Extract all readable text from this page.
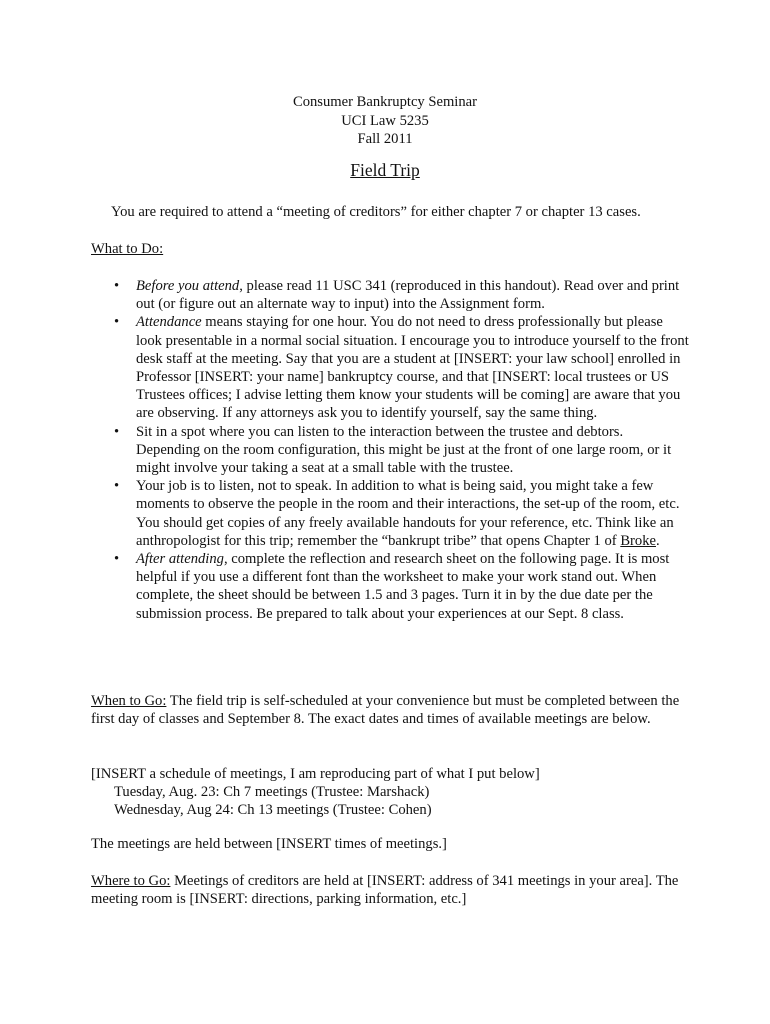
Consumer Bankruptcy Seminar
UCI Law 5235
Fall 2011
Field Trip
You are required to attend a “meeting of creditors” for either chapter 7 or chapter 13 cases.
What to Do:
• Before you attend, please read 11 USC 341 (reproduced in this handout). Read over and print out (or figure out an alternate way to input) into the Assignment form.
• Attendance means staying for one hour. You do not need to dress professionally but please look presentable in a normal social situation. I encourage you to introduce yourself to the front desk staff at the meeting. Say that you are a student at [INSERT: your law school] enrolled in Professor [INSERT: your name] bankruptcy course, and that [INSERT: local trustees or US Trustees offices; I advise letting them know your students will be coming] are aware that you are observing. If any attorneys ask you to identify yourself, say the same thing.
• Sit in a spot where you can listen to the interaction between the trustee and debtors. Depending on the room configuration, this might be just at the front of one large room, or it might involve your taking a seat at a small table with the trustee.
• Your job is to listen, not to speak. In addition to what is being said, you might take a few moments to observe the people in the room and their interactions, the set-up of the room, etc. You should get copies of any freely available handouts for your reference, etc. Think like an anthropologist for this trip; remember the “bankrupt tribe” that opens Chapter 1 of Broke.
• After attending, complete the reflection and research sheet on the following page. It is most helpful if you use a different font than the worksheet to make your work stand out. When complete, the sheet should be between 1.5 and 3 pages. Turn it in by the due date per the submission process. Be prepared to talk about your experiences at our Sept. 8 class.
When to Go: The field trip is self-scheduled at your convenience but must be completed between the first day of classes and September 8. The exact dates and times of available meetings are below.
[INSERT a schedule of meetings, I am reproducing part of what I put below]
Tuesday, Aug. 23: Ch 7 meetings (Trustee: Marshack)
Wednesday, Aug 24: Ch 13 meetings (Trustee: Cohen)
The meetings are held between [INSERT times of meetings.]
Where to Go: Meetings of creditors are held at [INSERT: address of 341 meetings in your area]. The meeting room is [INSERT: directions, parking information, etc.]
